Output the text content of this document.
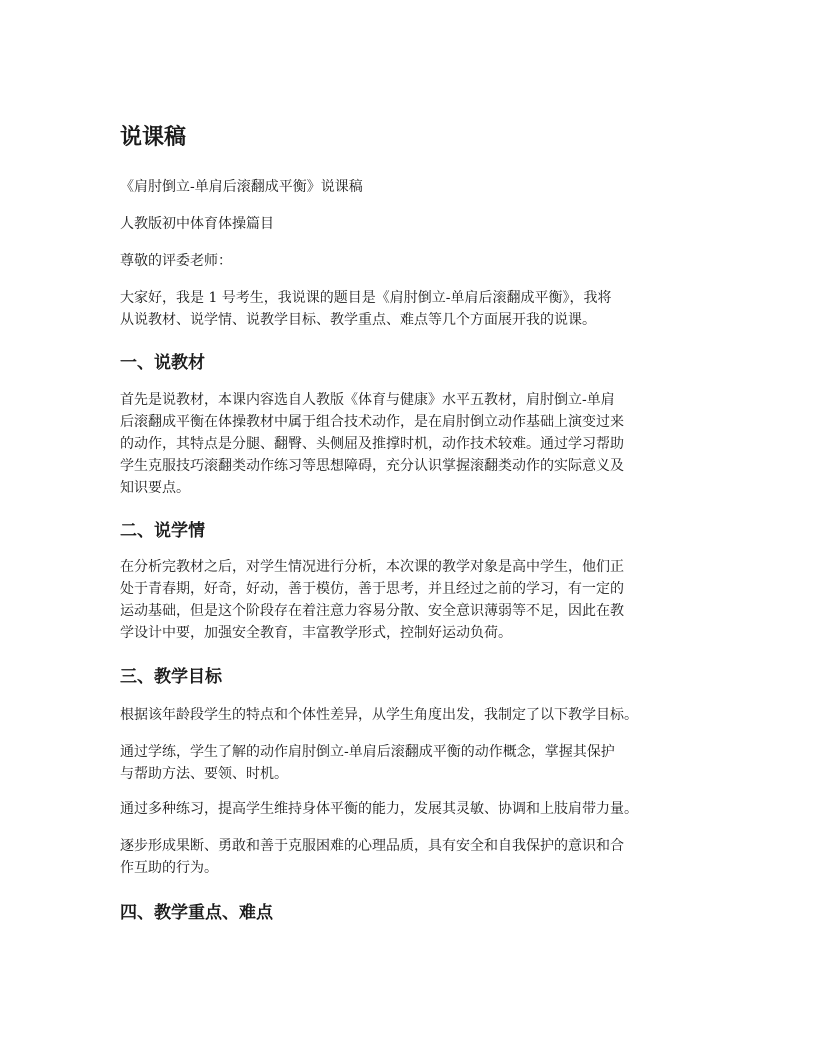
说课稿

《肩肘倒立-单肩后滚翻成平衡》说课稿

人教版初中体育体操篇目

尊敬的评委老师：

大家好，我是 1 号考生，我说课的题目是《肩肘倒立-单肩后滚翻成平衡》，我将
从说教材、说学情、说教学目标、教学重点、难点等几个方面展开我的说课。

一、说教材

首先是说教材，本课内容选自人教版《体育与健康》水平五教材，肩肘倒立-单肩
后滚翻成平衡在体操教材中属于组合技术动作，是在肩肘倒立动作基础上演变过来
的动作，其特点是分腿、翻臀、头侧屈及推撑时机，动作技术较难。通过学习帮助
学生克服技巧滚翻类动作练习等思想障碍，充分认识掌握滚翻类动作的实际意义及
知识要点。

二、说学情

在分析完教材之后，对学生情况进行分析，本次课的教学对象是高中学生，他们正
处于青春期，好奇，好动，善于模仿，善于思考，并且经过之前的学习，有一定的
运动基础，但是这个阶段存在着注意力容易分散、安全意识薄弱等不足，因此在教
学设计中要，加强安全教育，丰富教学形式，控制好运动负荷。

三、教学目标

根据该年龄段学生的特点和个体性差异，从学生角度出发，我制定了以下教学目标。

通过学练，学生了解的动作肩肘倒立-单肩后滚翻成平衡的动作概念，掌握其保护
与帮助方法、要领、时机。

通过多种练习，提高学生维持身体平衡的能力，发展其灵敏、协调和上肢肩带力量。

逐步形成果断、勇敢和善于克服困难的心理品质，具有安全和自我保护的意识和合
作互助的行为。

四、教学重点、难点
